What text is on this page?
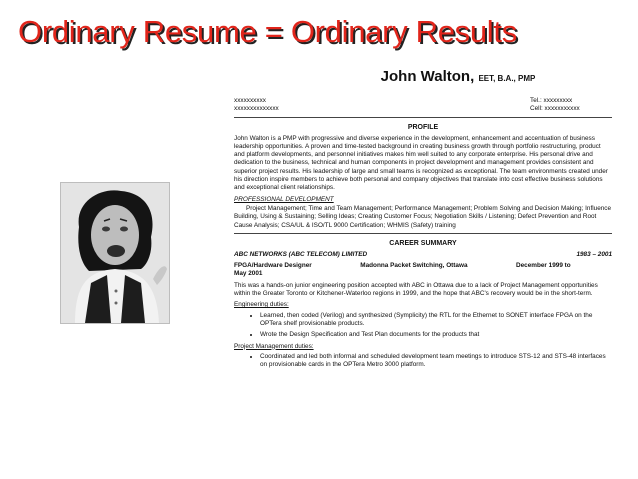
Ordinary Resume = Ordinary Results
John Walton, EET, B.A., PMP
xxxxxxxxxx
xxxxxxxxxxxxxx
Tel.: xxxxxxxxx
Cell: xxxxxxxxxxx
PROFILE

John Walton is a PMP with progressive and diverse experience in the development, enhancement and accentuation of business leadership opportunities. A proven and time-tested background in creating business growth through portfolio restructuring, product and platform developments, and personnel initiatives makes him well suited to any corporate enterprise. His personal drive and dedication to the business, technical and human components in project development and management provides consistent and superior project results. His leadership of large and small teams is recognized as exceptional. The team environments created under his direction inspire members to achieve both personal and company objectives that translate into cost effective business solutions and exceptional client relationships.

PROFESSIONAL DEVELOPMENT

Project Management; Time and Team Management; Performance Management; Problem Solving and Decision Making; Influence Building, Using & Sustaining; Selling Ideas; Creating Customer Focus; Negotiation Skills / Listening; Defect Prevention and Root Cause Analysis; CSA/UL & ISO/TL 9000 Certification; WHMIS (Safety) training

CAREER SUMMARY
ABC NETWORKS (ABC TELECOM) LIMITED	1983 – 2001
FPGA/Hardware Designer	Madonna Packet Switching, Ottawa	December 1999 to
May 2001

This was a hands-on junior engineering position accepted with ABC in Ottawa due to a lack of Project Management opportunities within the Greater Toronto or Kitchener-Waterloo regions in 1999, and the hope that ABC's recovery would be in the short-term.

Engineering duties:
• Learned, then coded (Verilog) and synthesized (Symplicity) the RTL for the Ethernet to SONET interface FPGA on the OPTera shelf provisionable products.
• Wrote the Design Specification and Test Plan documents for the products that
Project Management duties:
• Coordinated and led both informal and scheduled development team meetings to introduce STS-12 and STS-48 interfaces on provisionable cards in the OPTera Metro 3000 platform.
